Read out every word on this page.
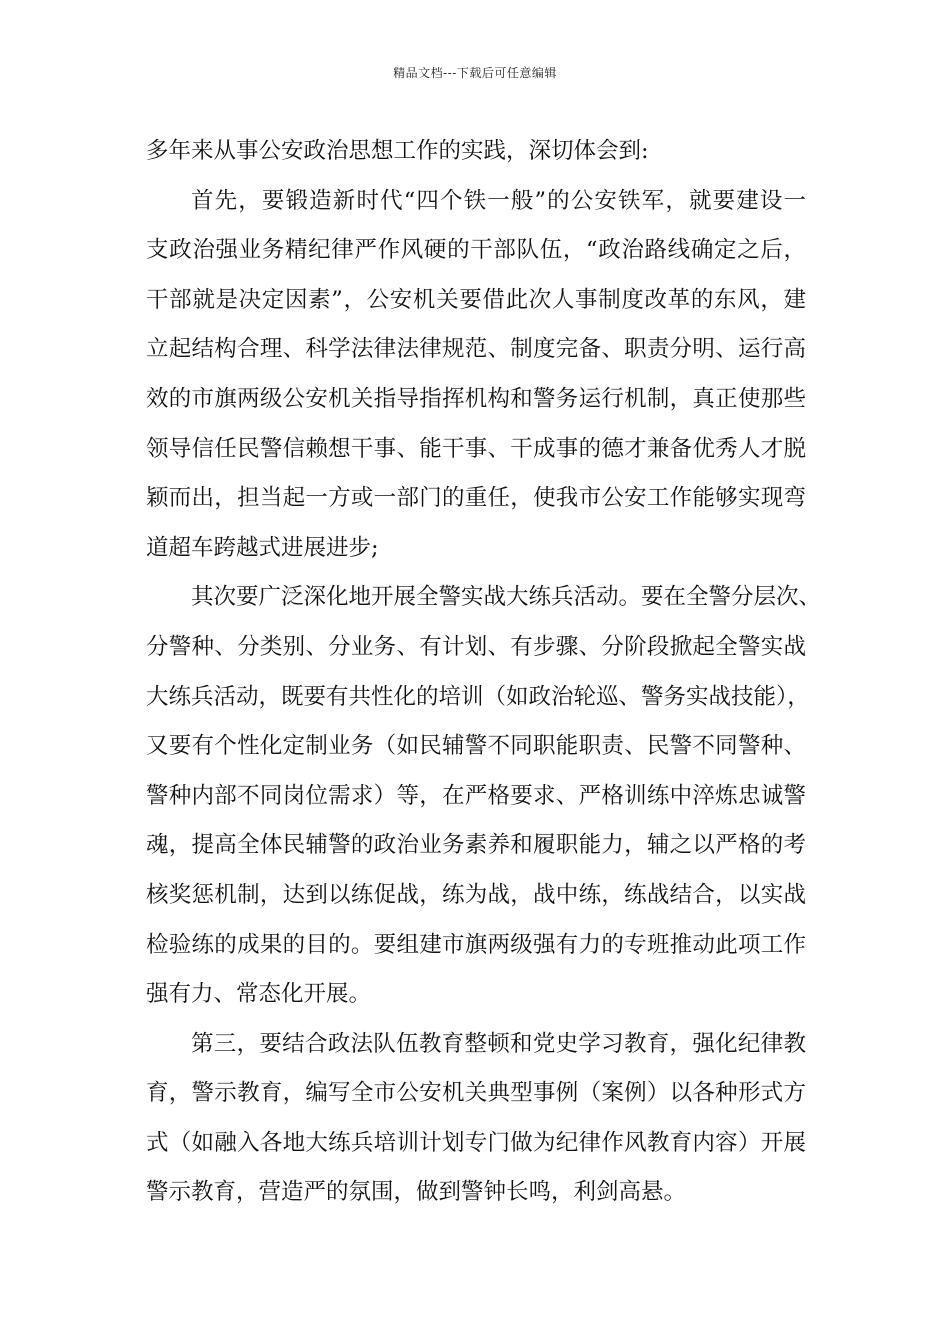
精品文档---下载后可任意编辑
多年来从事公安政治思想工作的实践，深切体会到:
首先，要锻造新时代“四个铁一般”的公安铁军，就要建设一
支政治强业务精纪律严作风硬的干部队伍，“政治路线确定之后，
干部就是决定因素”，公安机关要借此次人事制度改革的东风，建
立起结构合理、科学法律法律规范、制度完备、职责分明、运行高
效的市旗两级公安机关指导指挥机构和警务运行机制，真正使那些
领导信任民警信赖想干事、能干事、干成事的德才兼备优秀人才脱
颖而出，担当起一方或一部门的重任，使我市公安工作能够实现弯
道超车跨越式进展进步;
其次要广泛深化地开展全警实战大练兵活动。要在全警分层次、
分警种、分类别、分业务、有计划、有步骤、分阶段掀起全警实战
大练兵活动，既要有共性化的培训（如政治轮巡、警务实战技能），
又要有个性化定制业务（如民辅警不同职能职责、民警不同警种、
警种内部不同岗位需求）等，在严格要求、严格训练中淬炼忠诚警
魂，提高全体民辅警的政治业务素养和履职能力，辅之以严格的考
核奖惩机制，达到以练促战，练为战，战中练，练战结合，以实战
检验练的成果的目的。要组建市旗两级强有力的专班推动此项工作
强有力、常态化开展。
第三，要结合政法队伍教育整顿和党史学习教育，强化纪律教
育，警示教育，编写全市公安机关典型事例（案例）以各种形式方
式（如融入各地大练兵培训计划专门做为纪律作风教育内容）开展
警示教育，营造严的氛围，做到警钟长鸣，利剑高悬。
